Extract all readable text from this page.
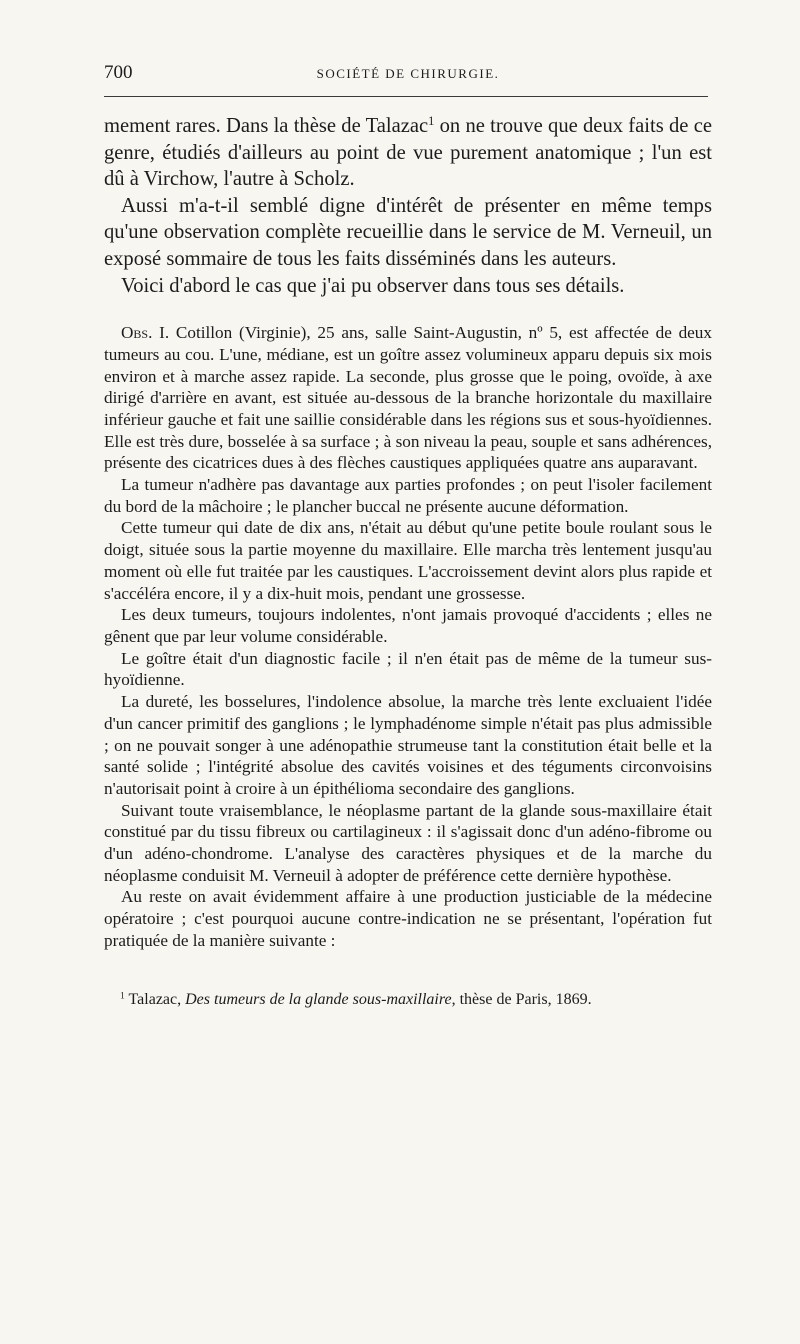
700	SOCIÉTÉ DE CHIRURGIE.

mement rares. Dans la thèse de Talazac$^1$ on ne trouve que deux faits de ce genre, étudiés d'ailleurs au point de vue purement anatomique ; l'un est dû à Virchow, l'autre à Scholz.

Aussi m'a-t-il semblé digne d'intérêt de présenter en même temps qu'une observation complète recueillie dans le service de M. Verneuil, un exposé sommaire de tous les faits disséminés dans les auteurs.

Voici d'abord le cas que j'ai pu observer dans tous ses détails.

Obs. I. Cotillon (Virginie), 25 ans, salle Saint-Augustin, nº 5, est affectée de deux tumeurs au cou. L'une, médiane, est un goître assez volumineux apparu depuis six mois environ et à marche assez rapide. La seconde, plus grosse que le poing, ovoïde, à axe dirigé d'arrière en avant, est située au-dessous de la branche horizontale du maxillaire inférieur gauche et fait une saillie considérable dans les régions sus et sous-hyoïdiennes. Elle est très dure, bosselée à sa surface ; à son niveau la peau, souple et sans adhérences, présente des cicatrices dues à des flèches caustiques appliquées quatre ans auparavant.

La tumeur n'adhère pas davantage aux parties profondes ; on peut l'isoler facilement du bord de la mâchoire ; le plancher buccal ne présente aucune déformation.

Cette tumeur qui date de dix ans, n'était au début qu'une petite boule roulant sous le doigt, située sous la partie moyenne du maxillaire. Elle marcha très lentement jusqu'au moment où elle fut traitée par les caustiques. L'accroissement devint alors plus rapide et s'accéléra encore, il y a dix-huit mois, pendant une grossesse.

Les deux tumeurs, toujours indolentes, n'ont jamais provoqué d'accidents ; elles ne gênent que par leur volume considérable.

Le goître était d'un diagnostic facile ; il n'en était pas de même de la tumeur sus-hyoïdienne.

La dureté, les bosselures, l'indolence absolue, la marche très lente excluaient l'idée d'un cancer primitif des ganglions ; le lymphadénome simple n'était pas plus admissible ; on ne pouvait songer à une adénopathie strumeuse tant la constitution était belle et la santé solide ; l'intégrité absolue des cavités voisines et des téguments circonvoisins n'autorisait point à croire à un épithélioma secondaire des ganglions.

Suivant toute vraisemblance, le néoplasme partant de la glande sous-maxillaire était constitué par du tissu fibreux ou cartilagineux : il s'agissait donc d'un adéno-fibrome ou d'un adéno-chondrome. L'analyse des caractères physiques et de la marche du néoplasme conduisit M. Verneuil à adopter de préférence cette dernière hypothèse.

Au reste on avait évidemment affaire à une production justiciable de la médecine opératoire ; c'est pourquoi aucune contre-indication ne se présentant, l'opération fut pratiquée de la manière suivante :

$^1$ Talazac, Des tumeurs de la glande sous-maxillaire, thèse de Paris, 1869.
